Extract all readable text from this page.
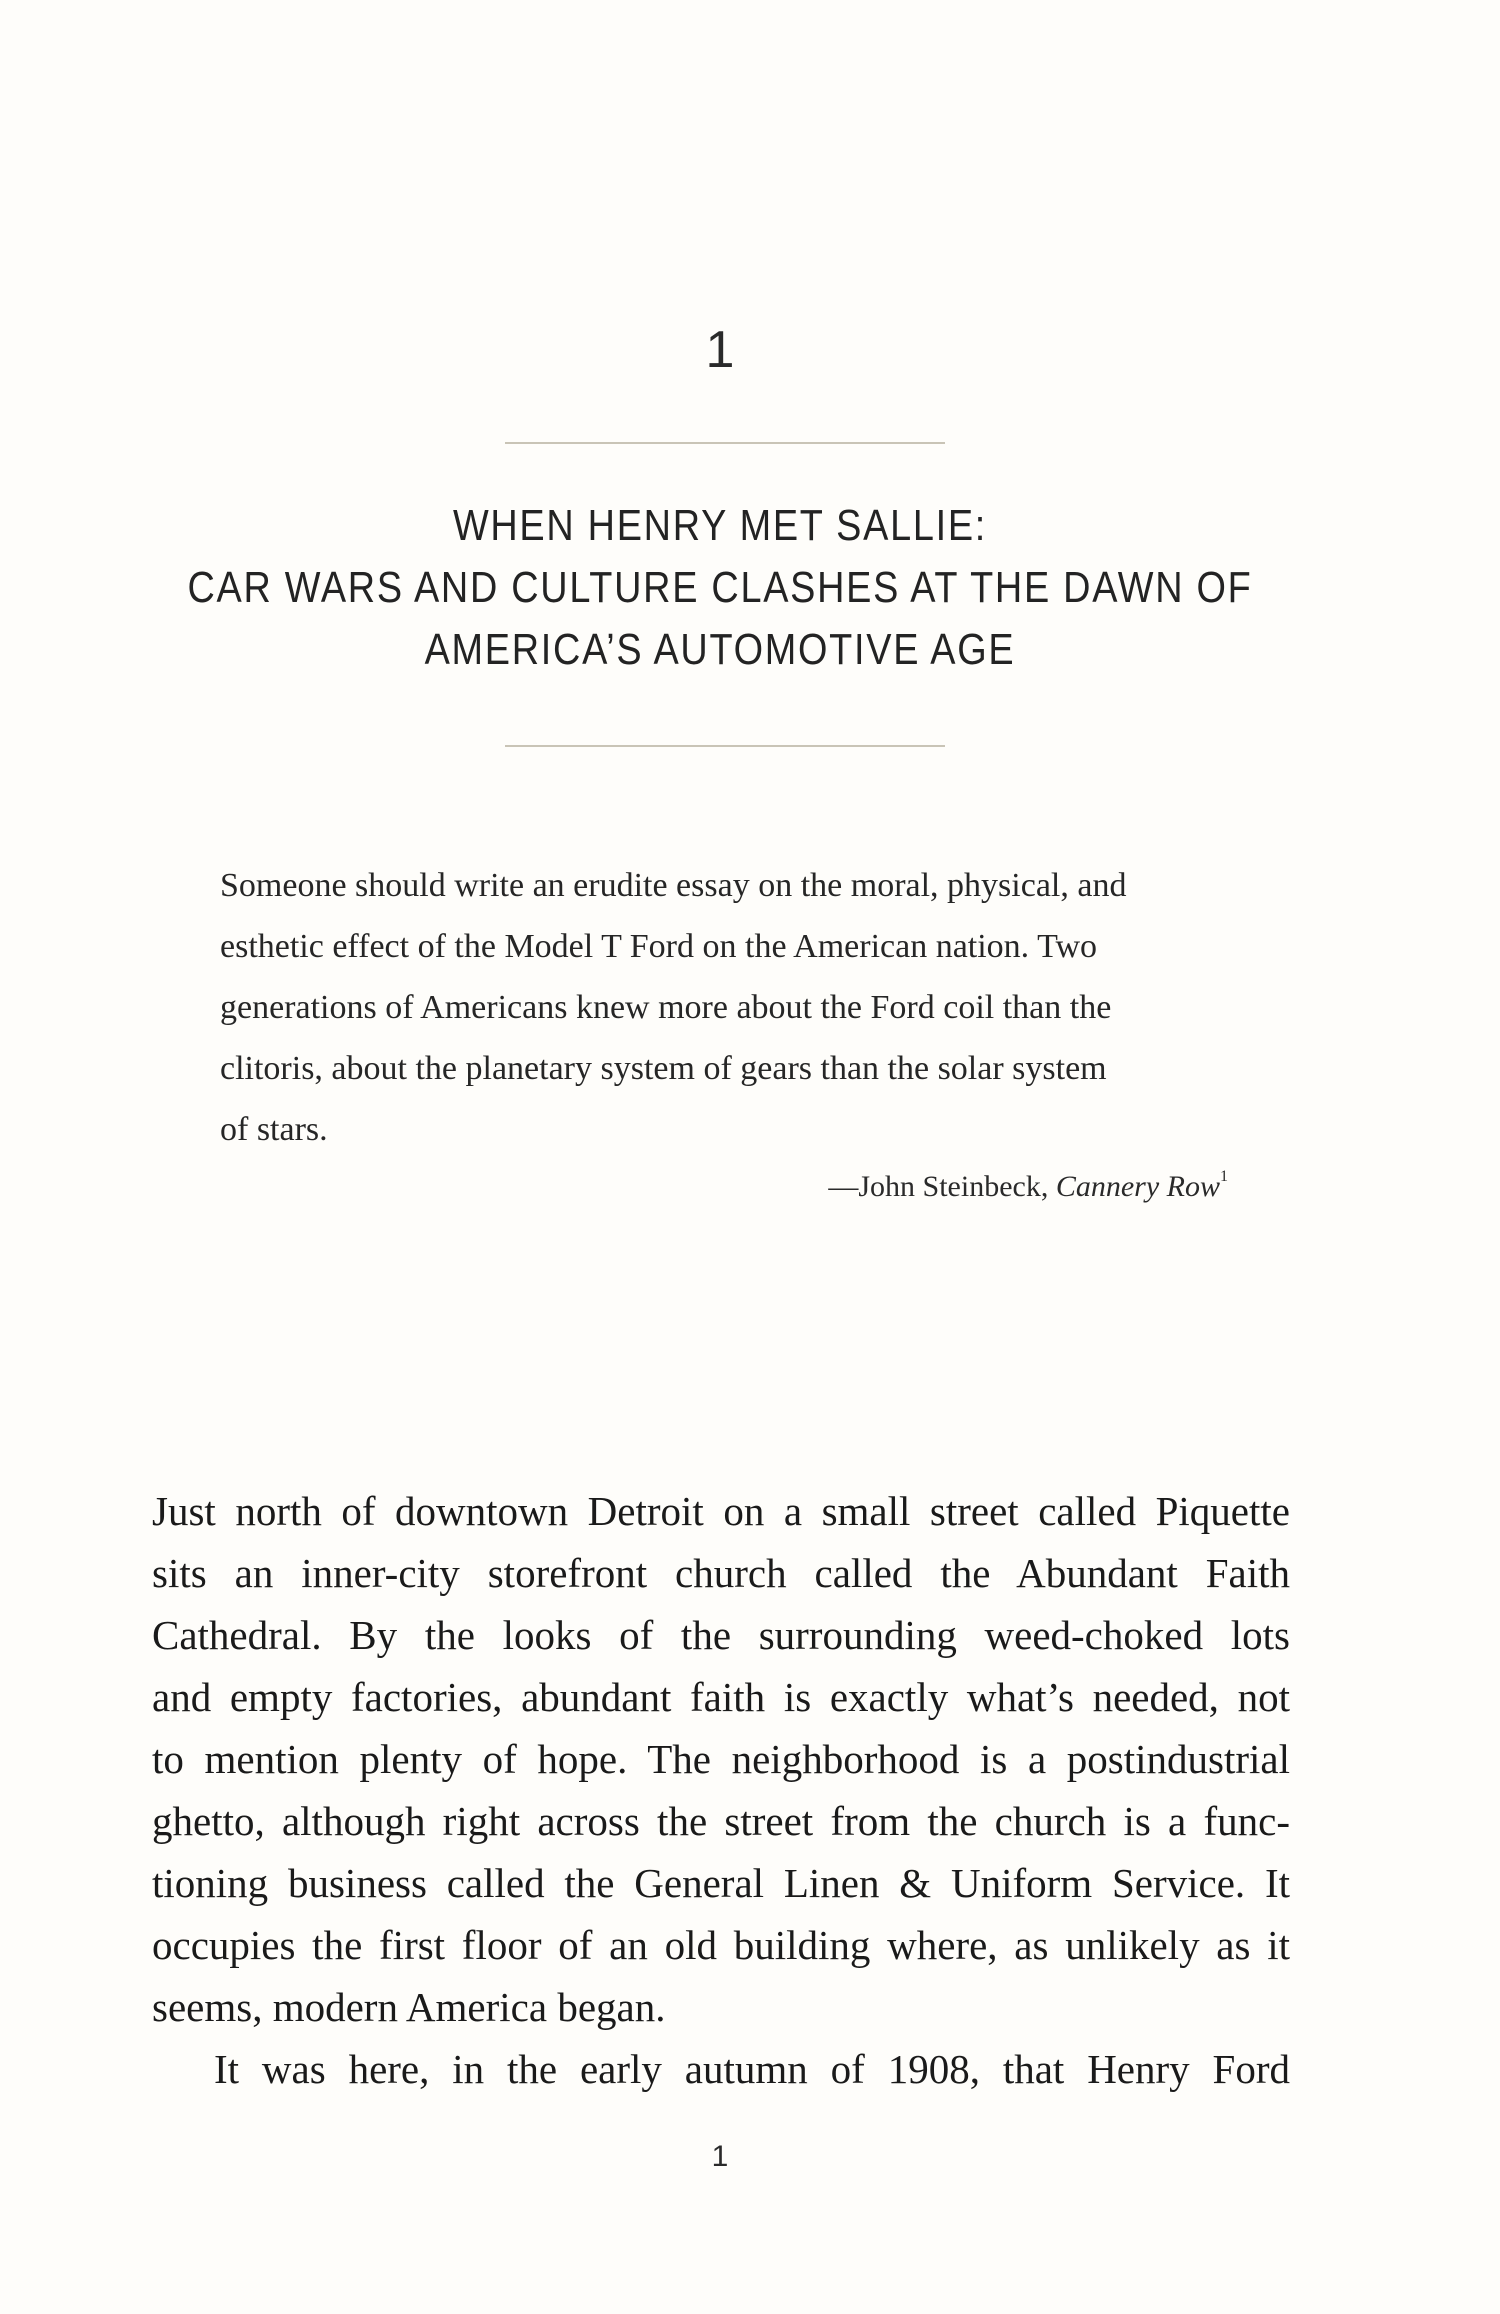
1
WHEN HENRY MET SALLIE:
CAR WARS AND CULTURE CLASHES AT THE DAWN OF
AMERICA’S AUTOMOTIVE AGE
Someone should write an erudite essay on the moral, physical, and
esthetic effect of the Model T Ford on the American nation. Two
generations of Americans knew more about the Ford coil than the
clitoris, about the planetary system of gears than the solar system
of stars.
—John Steinbeck, Cannery Row$^1$
Just north of downtown Detroit on a small street called Piquette
sits an inner-city storefront church called the Abundant Faith
Cathedral. By the looks of the surrounding weed-choked lots
and empty factories, abundant faith is exactly what’s needed, not
to mention plenty of hope. The neighborhood is a postindustrial
ghetto, although right across the street from the church is a func-
tioning business called the General Linen & Uniform Service. It
occupies the first floor of an old building where, as unlikely as it
seems, modern America began.
It was here, in the early autumn of 1908, that Henry Ford
1
